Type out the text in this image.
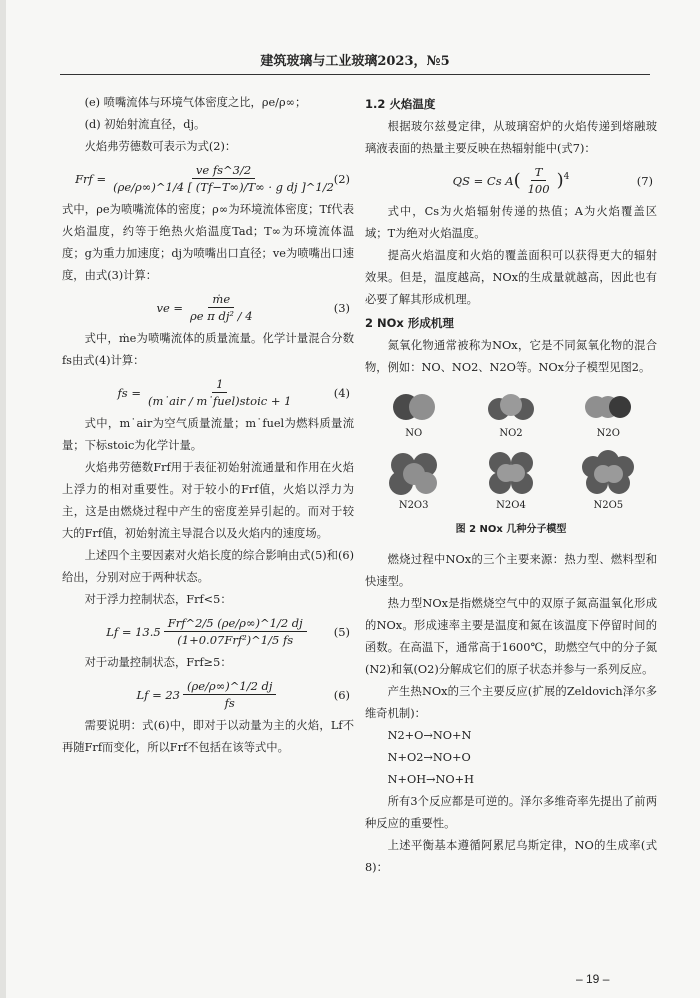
建筑玻璃与工业玻璃2023，№5

(e) 喷嘴流体与环境气体密度之比，ρe/ρ∞；

(d) 初始射流直径，dj。

火焰弗劳德数可表示为式(2)：

Frf = $\frac{\text{ve fs\textasciicircum{}3/2}}{\text{(ρe/ρ∞)\textasciicircum{}1/4 [ (Tf−T∞)/T∞ · g dj ]\textasciicircum{}1/2}}$
(2)

式中，ρe为喷嘴流体的密度；ρ∞为环境流体密度；Tf代表火焰温度，约等于绝热火焰温度Tad；T∞为环境流体温度；g为重力加速度；dj为喷嘴出口直径；ve为喷嘴出口速度，由式(3)计算：

ve = $\frac{\text{ṁe}}{\text{ρe π dj² / 4}}$	(3)

式中，ṁe为喷嘴流体的质量流量。化学计量混合分数fs由式(4)计算：

fs = $\frac{1}{\text{(m˙air / m˙fuel)stoic + 1}}$	(4)

式中，m˙air为空气质量流量；m˙fuel为燃料质量流量；下标stoic为化学计量。

火焰弗劳德数Frf用于表征初始射流通量和作用在火焰上浮力的相对重要性。对于较小的Frf值，火焰以浮力为主，这是由燃烧过程中产生的密度差异引起的。而对于较大的Frf值，初始射流主导混合以及火焰内的速度场。

上述四个主要因素对火焰长度的综合影响由式(5)和(6)给出，分别对应于两种状态。

对于浮力控制状态，Frf<5：

$Lf = 13.5 \frac{\text{Frf\textasciicircum{}2/5 (ρe/ρ∞)\textasciicircum{}1/2 dj}}{\text{(1+0.07Frf²)\textasciicircum{}1/5 fs}} (5)$

对于动量控制状态，Frf≥5：

$Lf = 23 \frac{(\rho e/\rho\infty)\^{}1/2 dj}{fs}$	(6)

需要说明：式(6)中，即对于以动量为主的火焰，Lf不再随Frf而变化，所以Frf不包括在该等式中。

1.2 火焰温度

根据玻尔兹曼定律，从玻璃窑炉的火焰传递到熔融玻璃液表面的热量主要反映在热辐射能中(式7)：

QS = Cs A ( $\frac{T}{100} )^4$	(7)

式中，Cs为火焰辐射传递的热值；A为火焰覆盖区域；T为绝对火焰温度。

提高火焰温度和火焰的覆盖面积可以获得更大的辐射效果。但是，温度越高，NOx的生成量就越高，因此也有必要了解其形成机理。

2 NOx 形成机理

氮氧化物通常被称为NOx，它是不同氮氧化物的混合物，例如：NO、NO2、N2O等。NOx分子模型见图2。

NO	NO2	N2O
N2O3	N2O4	N2O5
图 2 NOx 几种分子模型

燃烧过程中NOx的三个主要来源：热力型、燃料型和快速型。

热力型NOx是指燃烧空气中的双原子氮高温氧化形成的NOx。形成速率主要是温度和氮在该温度下停留时间的函数。在高温下，通常高于1600℃，助燃空气中的分子氮(N2)和氧(O2)分解成它们的原子状态并参与一系列反应。

产生热NOx的三个主要反应(扩展的Zeldovich泽尔多维奇机制)：

N2+O→NO+N

N+O2→NO+O

N+OH→NO+H

所有3个反应都是可逆的。泽尔多维奇率先提出了前两种反应的重要性。

上述平衡基本遵循阿累尼乌斯定律，NO的生成率(式8)：

– 19 –
